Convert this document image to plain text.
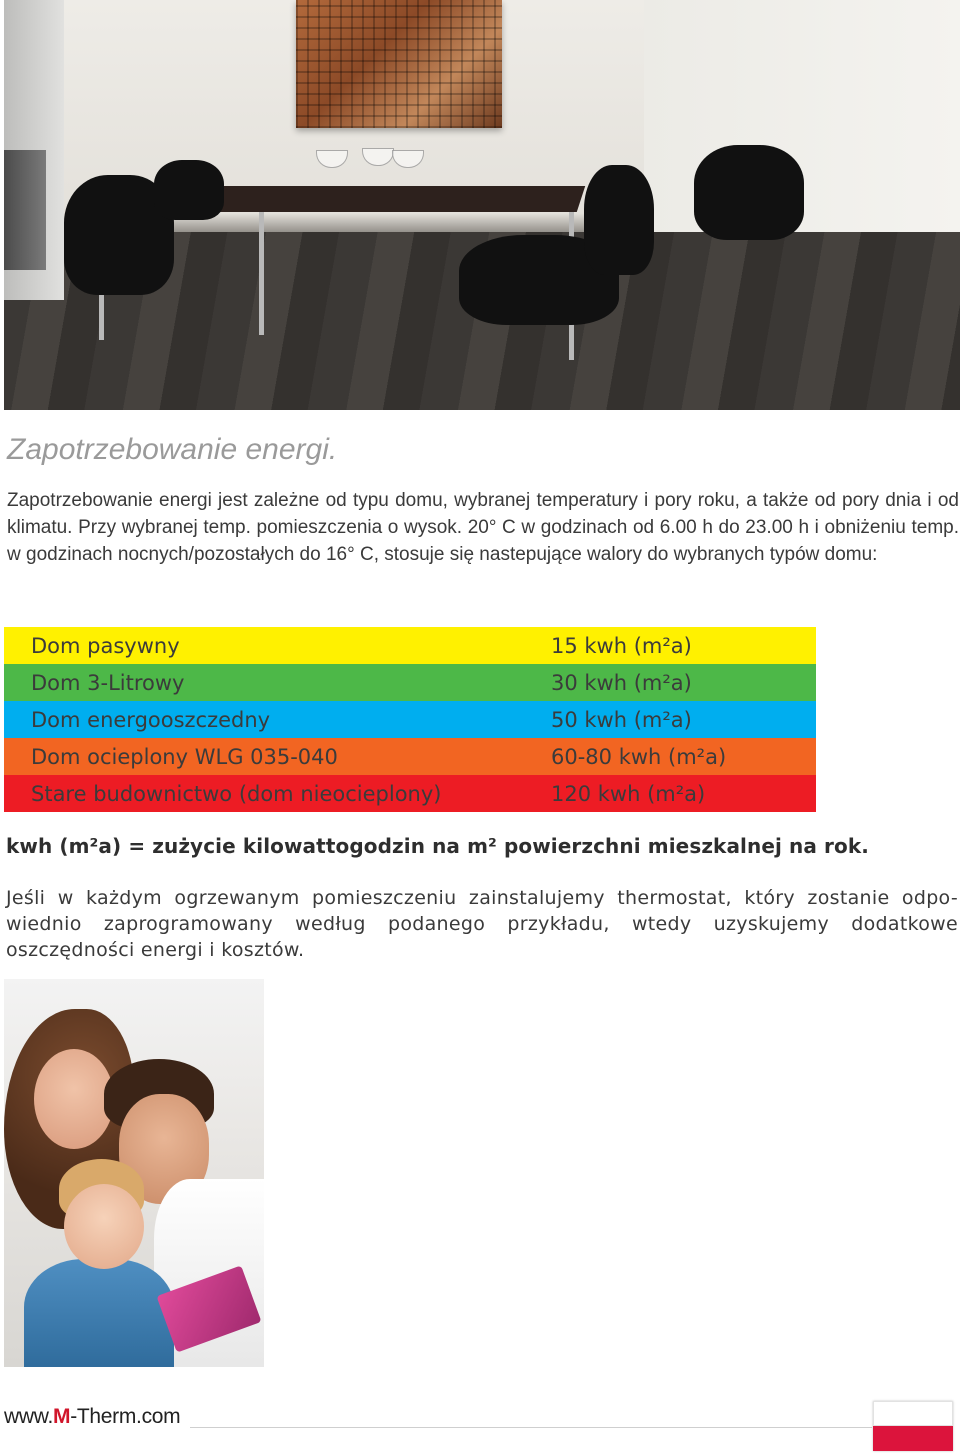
Zapotrzebowanie energi.

Zapotrzebowanie energi jest zależne od typu domu, wybranej temperatury i pory roku, a także od pory dnia i od klimatu. Przy wybranej temp. pomieszczenia o wysok. 20° C w godzinach od 6.00 h do 23.00 h i obniżeniu temp. w godzinach nocnych/pozostałych do 16° C, stosuje się nastepujące walory do wybranych typów domu:

Dom pasywny	15 kwh (m²a)
Dom 3-Litrowy	30 kwh (m²a)
Dom energooszczedny	50 kwh (m²a)
Dom ocieplony WLG 035-040	60-80 kwh (m²a)
Stare budownictwo (dom nieocieplony)	120 kwh (m²a)

kwh (m²a) = zużycie kilowattogodzin na m² powierzchni mieszkalnej na rok.

Jeśli w każdym ogrzewanym pomieszczeniu zainstalujemy thermostat, który zostanie odpo-wiednio zaprogramowany według podanego przykładu, wtedy uzyskujemy dodatkowe oszczędności energi i kosztów.

www.M-Therm.com
